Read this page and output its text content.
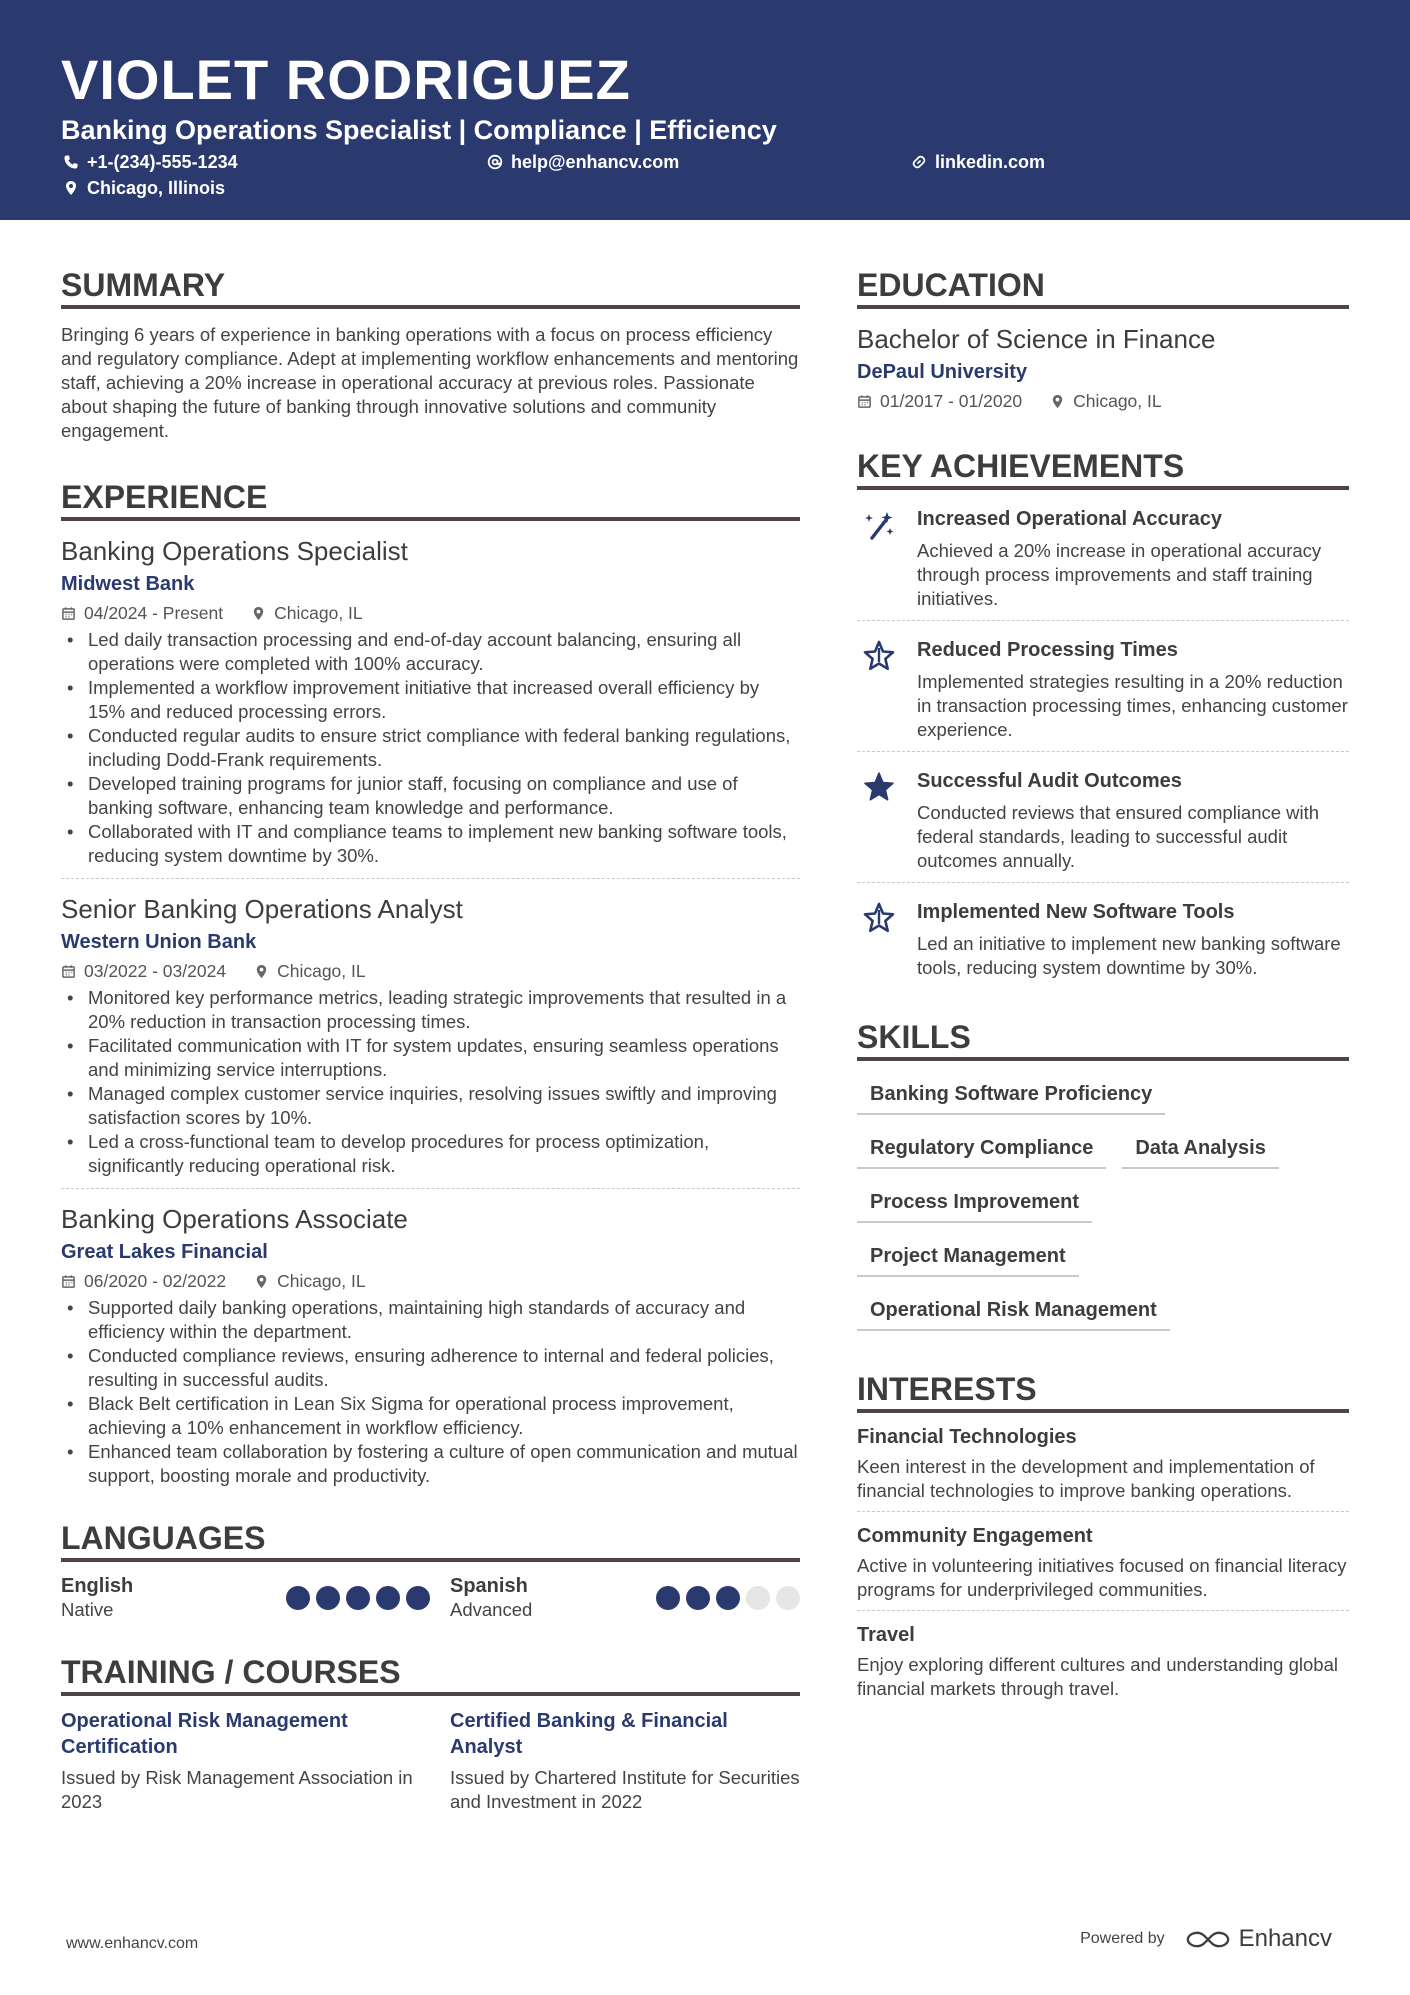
VIOLET RODRIGUEZ
Banking Operations Specialist | Compliance | Efficiency
+1-(234)-555-1234	help@enhancv.com	linkedin.com
Chicago, Illinois
SUMMARY
Bringing 6 years of experience in banking operations with a focus on process efficiency and regulatory compliance. Adept at implementing workflow enhancements and mentoring staff, achieving a 20% increase in operational accuracy at previous roles. Passionate about shaping the future of banking through innovative solutions and community engagement.
EXPERIENCE
Banking Operations Specialist
Midwest Bank
04/2024 - Present	Chicago, IL
• Led daily transaction processing and end-of-day account balancing, ensuring all operations were completed with 100% accuracy.
• Implemented a workflow improvement initiative that increased overall efficiency by 15% and reduced processing errors.
• Conducted regular audits to ensure strict compliance with federal banking regulations, including Dodd-Frank requirements.
• Developed training programs for junior staff, focusing on compliance and use of banking software, enhancing team knowledge and performance.
• Collaborated with IT and compliance teams to implement new banking software tools, reducing system downtime by 30%.
Senior Banking Operations Analyst
Western Union Bank
03/2022 - 03/2024	Chicago, IL
• Monitored key performance metrics, leading strategic improvements that resulted in a 20% reduction in transaction processing times.
• Facilitated communication with IT for system updates, ensuring seamless operations and minimizing service interruptions.
• Managed complex customer service inquiries, resolving issues swiftly and improving satisfaction scores by 10%.
• Led a cross-functional team to develop procedures for process optimization, significantly reducing operational risk.
Banking Operations Associate
Great Lakes Financial
06/2020 - 02/2022	Chicago, IL
• Supported daily banking operations, maintaining high standards of accuracy and efficiency within the department.
• Conducted compliance reviews, ensuring adherence to internal and federal policies, resulting in successful audits.
• Black Belt certification in Lean Six Sigma for operational process improvement, achieving a 10% enhancement in workflow efficiency.
• Enhanced team collaboration by fostering a culture of open communication and mutual support, boosting morale and productivity.
LANGUAGES
English
Native
Spanish
Advanced
TRAINING / COURSES
Operational Risk Management Certification
Issued by Risk Management Association in 2023
Certified Banking & Financial Analyst
Issued by Chartered Institute for Securities and Investment in 2022
EDUCATION
Bachelor of Science in Finance
DePaul University
01/2017 - 01/2020	Chicago, IL
KEY ACHIEVEMENTS
Increased Operational Accuracy
Achieved a 20% increase in operational accuracy through process improvements and staff training initiatives.
Reduced Processing Times
Implemented strategies resulting in a 20% reduction in transaction processing times, enhancing customer experience.
Successful Audit Outcomes
Conducted reviews that ensured compliance with federal standards, leading to successful audit outcomes annually.
Implemented New Software Tools
Led an initiative to implement new banking software tools, reducing system downtime by 30%.
SKILLS
Banking Software Proficiency
Regulatory Compliance	Data Analysis
Process Improvement
Project Management
Operational Risk Management
INTERESTS
Financial Technologies
Keen interest in the development and implementation of financial technologies to improve banking operations.
Community Engagement
Active in volunteering initiatives focused on financial literacy programs for underprivileged communities.
Travel
Enjoy exploring different cultures and understanding global financial markets through travel.
www.enhancv.com	Powered by	Enhancv
